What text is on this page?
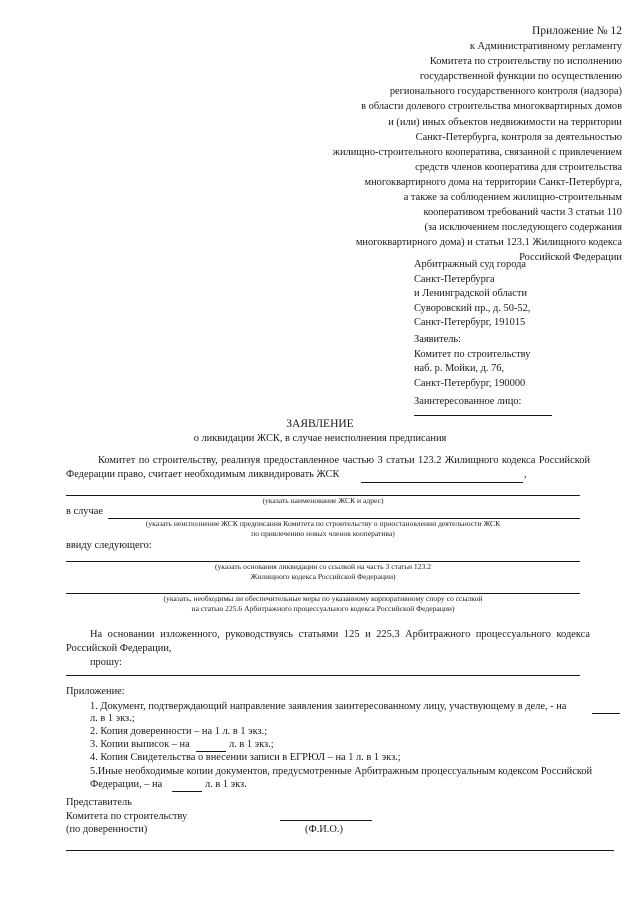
Приложение № 12
к Административному регламенту
Комитета по строительству по исполнению
государственной функции по осуществлению
регионального государственного контроля (надзора)
в области долевого строительства многоквартирных домов
и (или) иных объектов недвижимости на территории
Санкт-Петербурга, контроля за деятельностью
жилищно-строительного кооператива, связанной с привлечением
средств членов кооператива для строительства
многоквартирного дома на территории Санкт-Петербурга,
а также за соблюдением жилищно-строительным
кооперативом требований части 3 статьи 110
(за исключением последующего содержания
многоквартирного дома) и статьи 123.1 Жилищного кодекса
Российской Федерации
Арбитражный суд города
Санкт-Петербурга
и Ленинградской области
Суворовский пр., д. 50-52,
Санкт-Петербург, 191015
Заявитель:
Комитет по строительству
наб. р. Мойки, д. 76,
Санкт-Петербург, 190000
Заинтересованное лицо:
ЗАЯВЛЕНИЕ
о ликвидации ЖСК, в случае неисполнения предписания
Комитет по строительству, реализуя предоставленное частью 3 статьи 123.2 Жилищного кодекса Российской
Федерации право, считает необходимым ликвидировать ЖСК	,
(указать наименование ЖСК и адрес)
в случае
(указать неисполнение ЖСК предписания Комитета по строительству о приостановлении деятельности ЖСК
по привлечению новых членов кооператива)
ввиду следующего:
(указать основания ликвидации со ссылкой на часть 3 статьи 123.2
Жилищного кодекса Российской Федерации)
(указать, необходимы ли обеспечительные меры по указанному корпоративному спору со ссылкой
на статью 225.6 Арбитражного процессуального кодекса Российской Федерации)
На основании изложенного, руководствуясь статьями 125 и 225.3 Арбитражного процессуального кодекса
Российской Федерации,
прошу:
Приложение:
1. Документ, подтверждающий направление заявления заинтересованному лицу, участвующему в деле, - на
л. в 1 экз.;
2. Копия доверенности – на 1 л. в 1 экз.;
3. Копии выписок – на	л. в 1 экз.;
4. Копия Свидетельства о внесении записи в ЕГРЮЛ – на 1 л. в 1 экз.;
5.Иные необходимые копии документов, предусмотренные Арбитражным процессуальным кодексом Российской
Федерации, – на	л. в 1 экз.
Представитель
Комитета по строительству
(по доверенности)	(Ф.И.О.)
